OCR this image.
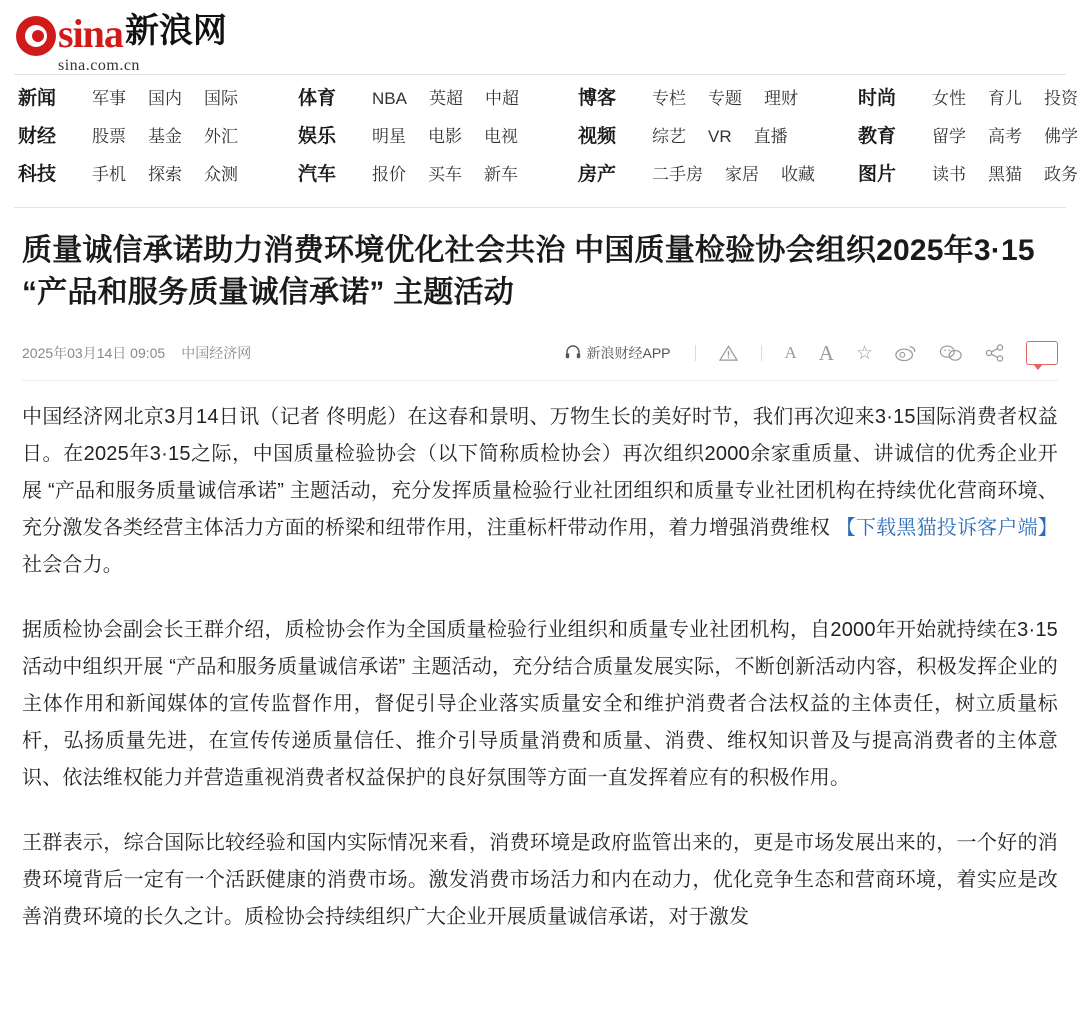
sina新浪网
sina.com.cn
新闻	军事 国内 国际
财经	股票 基金 外汇
科技	手机 探索 众测
体育	NBA 英超 中超
娱乐	明星 电影 电视
汽车	报价 买车 新车
博客	专栏 专题 理财
视频	综艺 VR 直播
房产	二手房 家居 收藏
时尚	女性 育儿 投资
教育	留学 高考 佛学
图片	读书 黑猫 政务
质量诚信承诺助力消费环境优化社会共治 中国质量检验协会组织2025年3·15 “产品和服务质量诚信承诺” 主题活动
2025年03月14日 09:05 中国经济网	新浪财经APP	A A ☆

中国经济网北京3月14日讯（记者 佟明彪）在这春和景明、万物生长的美好时节，我们再次迎来3·15国际消费者权益日。在2025年3·15之际，中国质量检验协会（以下简称质检协会）再次组织2000余家重质量、讲诚信的优秀企业开展 “产品和服务质量诚信承诺” 主题活动，充分发挥质量检验行业社团组织和质量专业社团机构在持续优化营商环境、充分激发各类经营主体活力方面的桥梁和纽带作用，注重标杆带动作用，着力增强消费维权 【下载黑猫投诉客户端】社会合力。

据质检协会副会长王群介绍，质检协会作为全国质量检验行业组织和质量专业社团机构，自2000年开始就持续在3·15活动中组织开展 “产品和服务质量诚信承诺” 主题活动，充分结合质量发展实际，不断创新活动内容，积极发挥企业的主体作用和新闻媒体的宣传监督作用，督促引导企业落实质量安全和维护消费者合法权益的主体责任，树立质量标杆，弘扬质量先进，在宣传传递质量信任、推介引导质量消费和质量、消费、维权知识普及与提高消费者的主体意识、依法维权能力并营造重视消费者权益保护的良好氛围等方面一直发挥着应有的积极作用。

王群表示，综合国际比较经验和国内实际情况来看，消费环境是政府监管出来的，更是市场发展出来的，一个好的消费环境背后一定有一个活跃健康的消费市场。激发消费市场活力和内在动力，优化竞争生态和营商环境，着实应是改善消费环境的长久之计。质检协会持续组织广大企业开展质量诚信承诺，对于激发
